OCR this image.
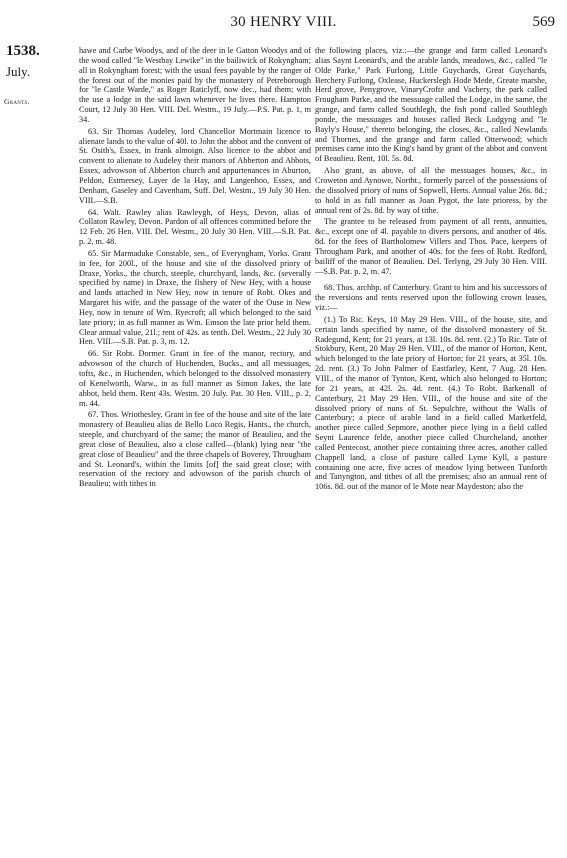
30 HENRY VIII.	569
1538.
July.
Grants.

hawe and Carbe Woodys, and of the deer in le Gatton Woodys and of the wood called "le Westbay Lewike" in the bailiwick of Rokyngham; all in Rokyngham forest; with the usual fees payable by the ranger of the forest out of the monies paid by the monastery of Petreborough for "le Castle Warde," as Roger Raticlyff, now dec., had them; with the use a lodge in the said lawn whenever he lives there. Hampton Court, 12 July 30 Hen. VIII. Del. Westm., 19 July.—P.S. Pat. p. 1, m 34.

63. Sir Thomas Audeley, lord Chancellor Mortmain licence to alienate lands to the value of 40l. to John the abbot and the convent of St. Osith's, Essex, in frank almoign. Also licence to the abbot and convent to alienate to Audeley their manors of Abberton and Abbots, Essex, advowson of Abberton church and appurtenances in Aburton, Peldon, Estmersey, Layer de la Hay, and Langenhoo, Essex, and Denham, Gaseley and Cavenham, Suff. Del. Westm., 19 July 30 Hen. VIII.—S.B.

64. Walt. Rawley alias Rawleygh, of Heys, Devon, alias of Collaton Rawley, Devon. Pardon of all offences committed before the 12 Feb. 26 Hen. VIII. Del. Westm., 20 July 30 Hen. VIII.—S.B. Pat. p. 2, m. 48.

65. Sir Marmaduke Constable, sen., of Everyngham, Yorks. Grant in fee, for 200l., of the house and site of the dissolved priory of Draxe, Yorks., the church, steeple, churchyard, lands, &c. (severally specified by name) in Draxe, the fishery of New Hey, with a house and lands attached in New Hey, now in tenure of Robt. Okes and Margaret his wife, and the passage of the water of the Ouse in New Hey, now in tenure of Wm. Ryecroft; all which belonged to the said late priory; in as full manner as Wm. Emson the late prior held them. Clear annual value, 21l.; rent of 42s. as tenth. Del. Westm., 22 July 30 Hen. VIII.—S.B. Pat. p. 3, m. 12.

66. Sir Robt. Dormer. Grant in fee of the manor, rectory, and advowson of the church of Huchenden, Bucks., and all messuages, tofts, &c., in Huchenden, which belonged to the dissolved monastery of Kenelworth, Warw., in as full manner as Simon Jakes, the late abbot, held them. Rent 43s. Westm. 20 July. Pat. 30 Hen. VIII., p. 2, m. 44.

67. Thos. Wriothesley. Grant in fee of the house and site of the late monastery of Beaulieu alias de Bello Loco Regis, Hants., the church, steeple, and churchyard of the same; the manor of Beaulieu, and the great close of Beaulieu, also a close called—(blank) lying near "the great close of Beaulieu" and the three chapels of Boverey, Througham and St. Leonard's, within the limits [of] the said great close; with reservation of the rectory and advowson of the parish church of Beaulieu; with tithes in

the following places, viz.:—the grange and farm called Leonard's alias Saynt Leonard's, and the arable lands, meadows, &c., called "le Olde Parke," Park Furlong, Little Guychards, Great Guychards, Berchery Furlong, Oxlease, Huckerslegh Hode Mede, Greate marshe, Herd grove, Penygrove, VinaryCrofte and Vachery, the park called Frougham Parke, and the messuage called the Lodge, in the same, the grange, and farm called Southlegh, the fish pond called Southlegh ponde, the messuages and houses called Beck Lodgyng and "le Bayly's House," thereto belonging, the closes, &c., called Newlands and Thornes, and the grange and farm called Otterwood; which premises came into the King's hand by grant of the abbot and convent of Beaulieu. Rent, 10l. 5s. 8d.

Also grant, as above, of all the messuages houses, &c., in Croweton and Aynowe, Northt., formerly parcel of the possessions of the dissolved priory of nuns of Sopwell, Herts. Annual value 26s. 8d.; to hold in as full manner as Joan Pygot, the late prioress, by the annual rent of 2s. 8d. by way of tithe.

The grantee to be released from payment of all rents, annuities, &c., except one of 4l. payable to divers persons, and another of 46s. 8d. for the fees of Bartholomew Villers and Thos. Pace, keepers of Througham Park, and another of 40s. for the fees of Robt. Redford, bailiff of the manor of Beaulieu. Del. Terlyng, 29 July 30 Hen. VIII.—S.B. Pat. p. 2, m. 47.

68. Thos. archbp. of Canterbury. Grant to him and his successors of the reversions and rents reserved upon the following crown leases, viz.:—

(1.) To Ric. Keys, 10 May 29 Hen. VIII., of the house, site, and certain lands specified by name, of the dissolved monastery of St. Radegund, Kent; for 21 years, at 13l. 10s. 8d. rent. (2.) To Ric. Tate of Stokbury, Kent, 20 May 29 Hen. VIII., of the manor of Horton, Kent, which belonged to the late priory of Horton; for 21 years, at 35l. 10s. 2d. rent. (3.) To John Palmer of Eastfarley, Kent, 7 Aug. 28 Hen. VIII., of the manor of Tynton, Kent, which also belonged to Horton; for 21 years, at 42l. 2s. 4d. rent. (4.) To Robt. Barkenall of Canterbury, 21 May 29 Hen. VIII., of the house and site of the dissolved priory of nuns of St. Sepulchre, without the Walls of Canterbury; a piece of arable land in a field called Marketfeld, another piece called Sepmore, another piece lying in a field called Seynt Laurence felde, another piece called Churcheland, another called Pentecost, another piece containing three acres, another called Chappell land, a close of pasture called Lyme Kyll, a pasture containing one acre, five acres of meadow lying between Tunforth and Tanyngton, and tithes of all the premises; also an annual rent of 106s. 8d. out of the manor of le Mote near Maydeston; also the
